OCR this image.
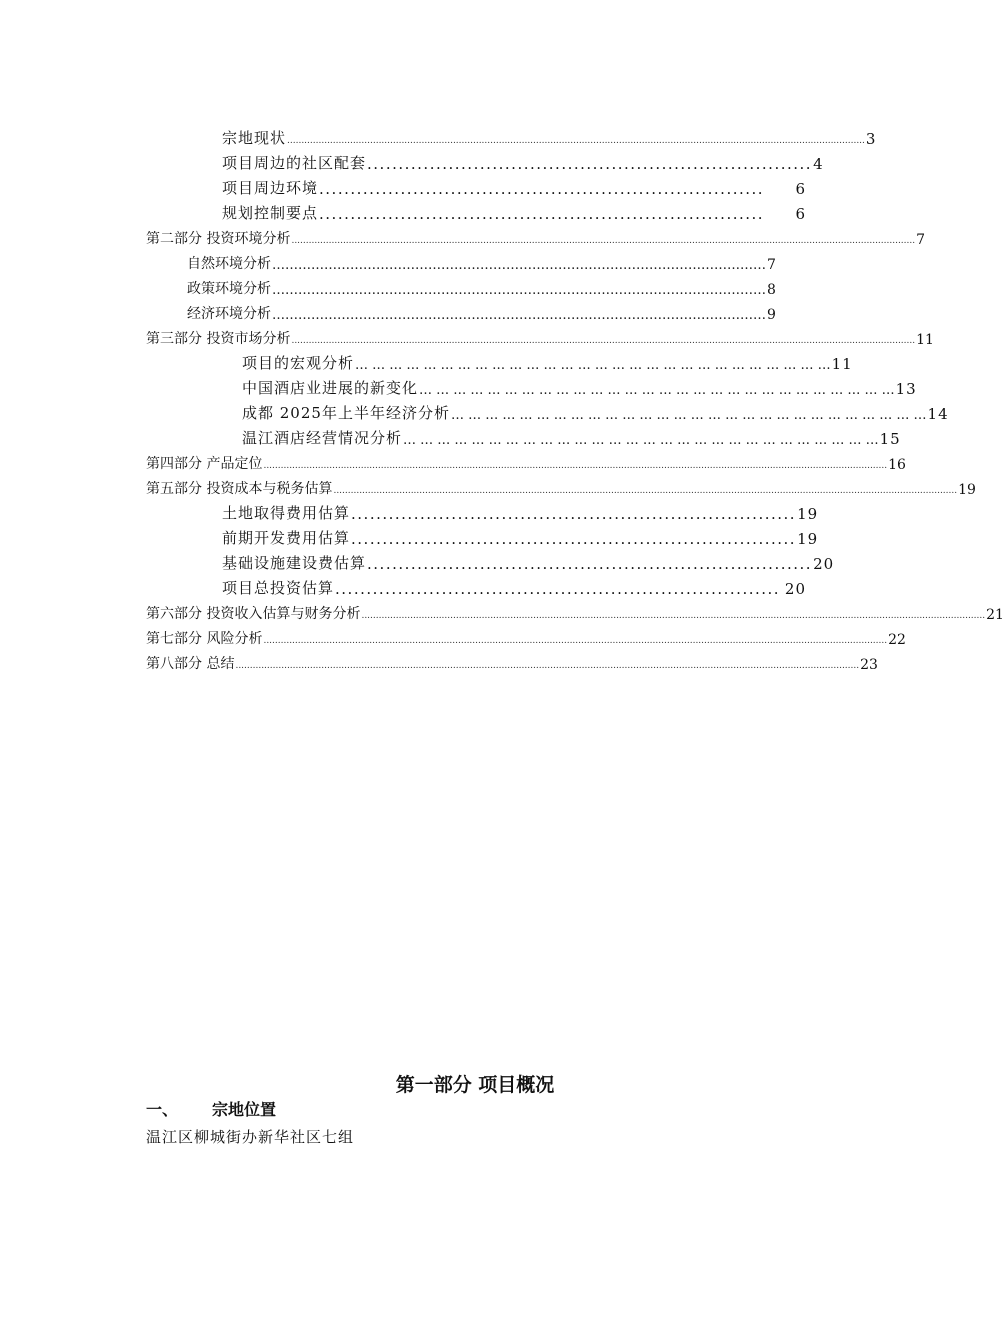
宗地现状 .......................................................................................................................................................................................................... 3
项目周边的社区配套 ....................................................................... 4
项目周边环境 .......................................................................	6
规划控制要点 .......................................................................	6
第二部分 投资环境分析 .......................................................................................................................................................................................................................... 7
自然环境分析 …………………………………………………………………………………………………… 7
政策环境分析 …………………………………………………………………………………………………… 8
经济环境分析 …………………………………………………………………………………………………… 9
第三部分 投资市场分析 .......................................................................................................................................................................................................................... 11
项目的宏观分析 … … … … … … … … … … … … … … … … … … … … … … … … … … … … 11
中国酒店业进展的新变化 … … … … … … … … … … … … … … … … … … … … … … … … … … … … 13
成都 2025年上半年经济分析 … … … … … … … … … … … … … … … … … … … … … … … … … … … … 14
温江酒店经营情况分析 … … … … … … … … … … … … … … … … … … … … … … … … … … … … 15
第四部分 产品定位 .......................................................................................................................................................................................................................... 16
第五部分 投资成本与税务估算 .......................................................................................................................................................................................................................... 19
土地取得费用估算 ....................................................................... 19
前期开发费用估算 ....................................................................... 19
基础设施建设费估算 ....................................................................... 20
项目总投资估算 ....................................................................... 20
第六部分 投资收入估算与财务分析 .......................................................................................................................................................................................................................... 21
第七部分 风险分析 .......................................................................................................................................................................................................................... 22
第八部分 总结 .......................................................................................................................................................................................................................... 23
第一部分 项目概况
一、 宗地位置
温江区柳城街办新华社区七组
